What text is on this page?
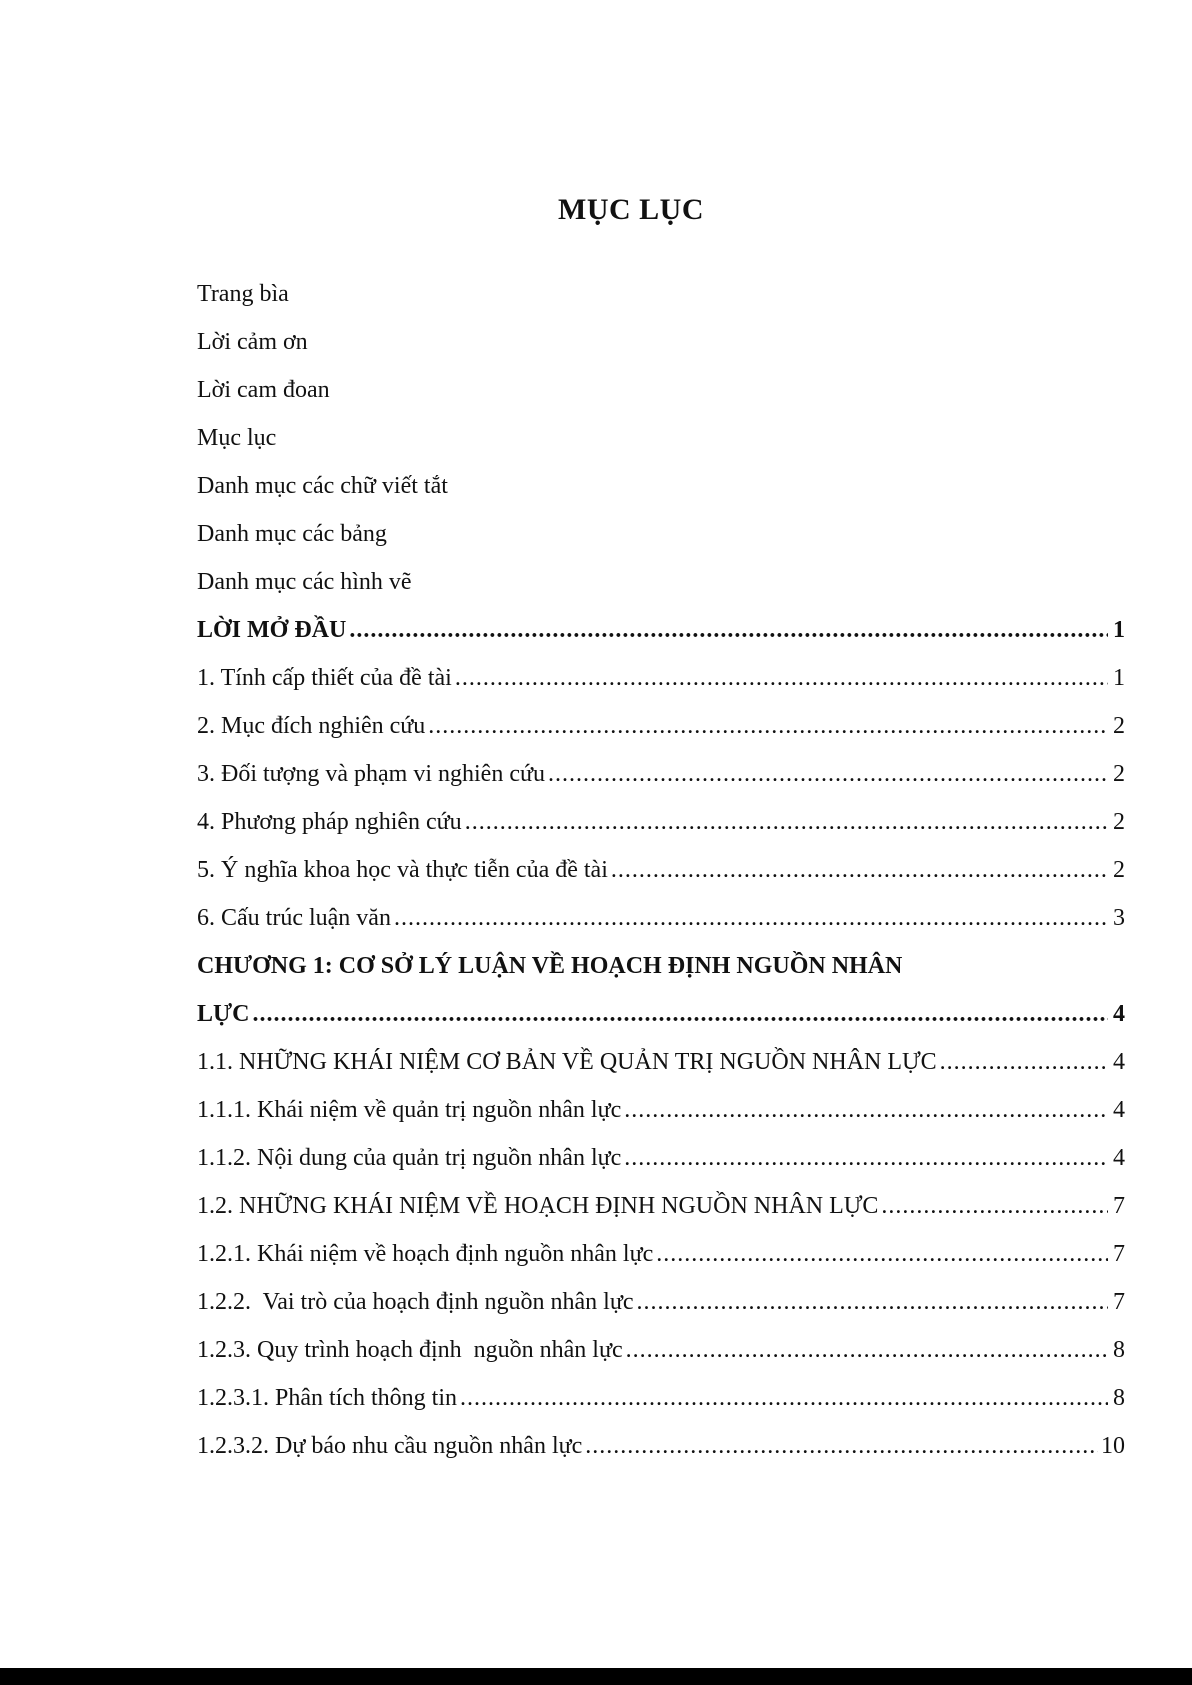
MỤC LỤC
Trang bìa
Lời cảm ơn
Lời cam đoan
Mục lục
Danh mục các chữ viết tắt
Danh mục các bảng
Danh mục các hình vẽ
LỜI MỞ ĐẦU .....	1
1. Tính cấp thiết của đề tài .....	1
2. Mục đích nghiên cứu .....	2
3. Đối tượng và phạm vi nghiên cứu .....	2
4. Phương pháp nghiên cứu .....	2
5. Ý nghĩa khoa học và thực tiễn của đề tài .....	2
6. Cấu trúc luận văn .....	3
CHƯƠNG 1: CƠ SỞ LÝ LUẬN VỀ HOẠCH ĐỊNH NGUỒN NHÂN
LỰC .....	4
1.1. NHỮNG KHÁI NIỆM CƠ BẢN VỀ QUẢN TRỊ NGUỒN NHÂN LỰC .....	4
1.1.1. Khái niệm về quản trị nguồn nhân lực .....	4
1.1.2. Nội dung của quản trị nguồn nhân lực .....	4
1.2. NHỮNG KHÁI NIỆM VỀ HOẠCH ĐỊNH NGUỒN NHÂN LỰC .....	7
1.2.1. Khái niệm về hoạch định nguồn nhân lực .....	7
1.2.2.  Vai trò của hoạch định nguồn nhân lực .....	7
1.2.3. Quy trình hoạch định  nguồn nhân lực .....	8
1.2.3.1. Phân tích thông tin .....	8
1.2.3.2. Dự báo nhu cầu nguồn nhân lực .....	10
